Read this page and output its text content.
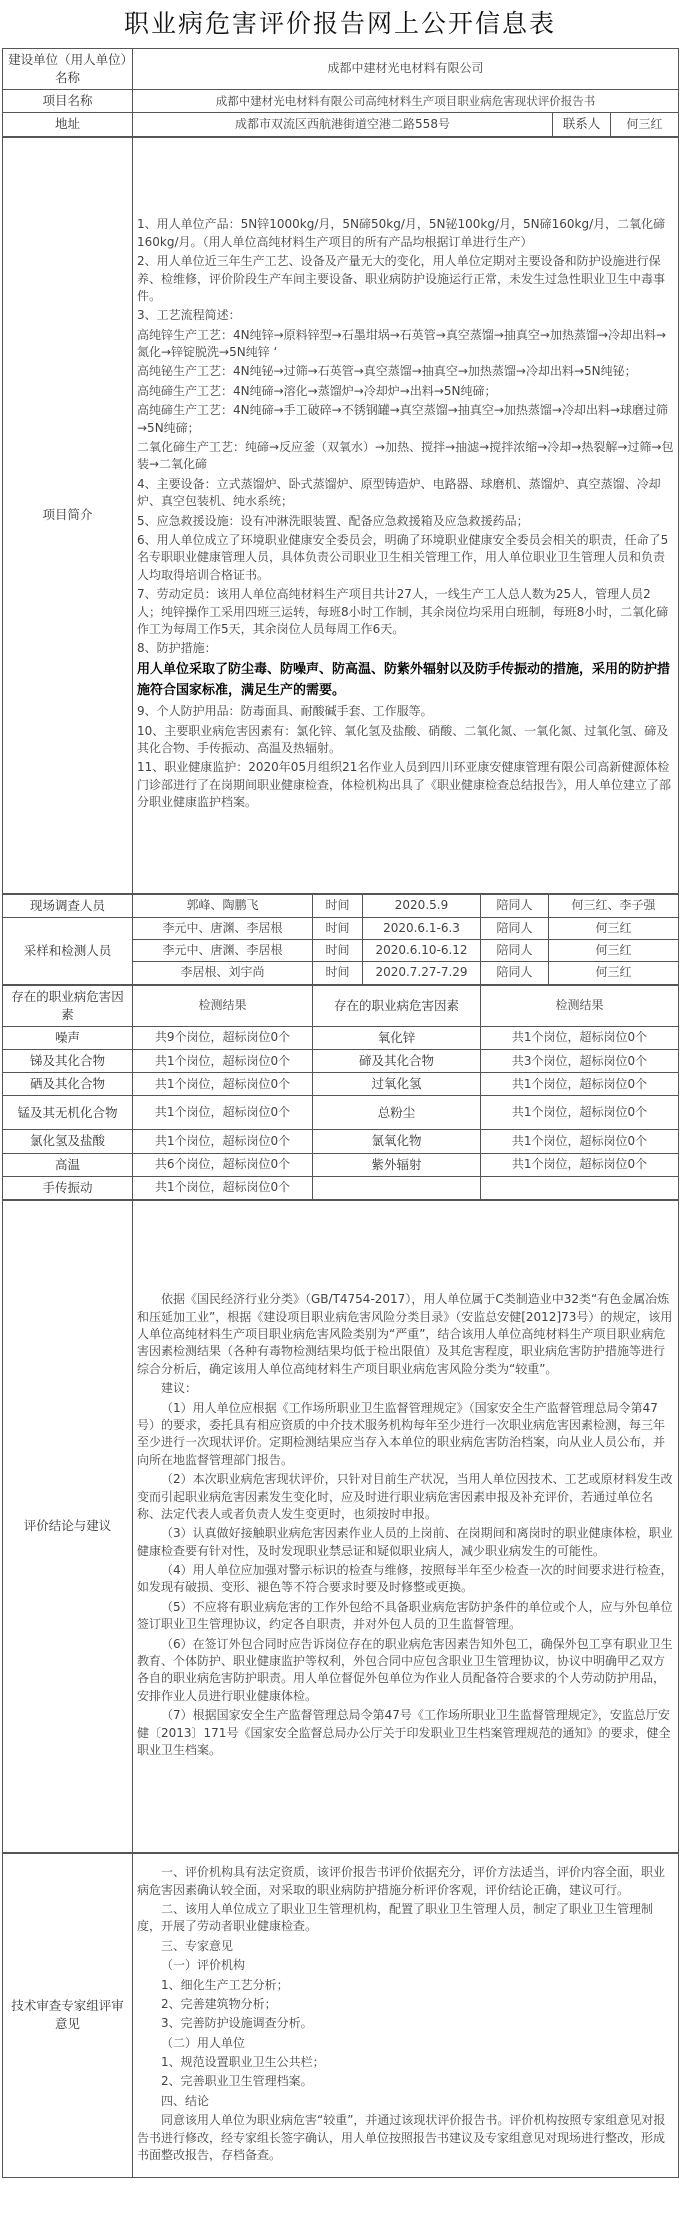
职业病危害评价报告网上公开信息表
建设单位（用人单位）名称	成都中建材光电材料有限公司		
项目名称	成都中建材光电材料有限公司高纯材料生产项目职业病危害现状评价报告书		
地址	成都市双流区西航港街道空港二路558号	联系人	何三红
项目简介	

1、用人单位产品：5N锌1000kg/月，5N碲50kg/月，5N铋100kg/月，5N碲160kg/月，二氧化碲160kg/月。（用人单位高纯材料生产项目的所有产品均根据订单进行生产）

2、用人单位近三年生产工艺、设备及产量无大的变化，用人单位定期对主要设备和防护设施进行保养、检维修，评价阶段生产车间主要设备、职业病防护设施运行正常，未发生过急性职业卫生中毒事件。

3、工艺流程简述：

高纯锌生产工艺：4N纯锌→原料锌型→石墨坩埚→石英管→真空蒸馏→抽真空→加热蒸馏→冷却出料→氮化→锌锭脱洗→5N纯锌 ‘

高纯铋生产工艺：4N纯铋→过筛→石英管→真空蒸馏→抽真空→加热蒸馏→冷却出料→5N纯铋；

高纯碲生产工艺：4N纯碲→溶化→蒸馏炉→冷却炉→出料→5N纯碲；

高纯碲生产工艺：4N纯碲→手工破碎→不锈钢罐→真空蒸馏→抽真空→加热蒸馏→冷却出料→球磨过筛→5N纯碲；

二氧化碲生产工艺：纯碲→反应釜（双氧水）→加热、搅拌→抽滤→搅拌浓缩→冷却→热裂解→过筛→包装→二氧化碲

4、主要设备：立式蒸馏炉、卧式蒸馏炉、原型铸造炉、电路器、球磨机、蒸馏炉、真空蒸馏、冷却炉、真空包装机、纯水系统；

5、应急救援设施：设有冲淋洗眼装置、配备应急救援箱及应急救援药品；

6、用人单位成立了环境职业健康安全委员会，明确了环境职业健康安全委员会相关的职责，任命了5名专职职业健康管理人员，具体负责公司职业卫生相关管理工作，用人单位职业卫生管理人员和负责人均取得培训合格证书。

7、劳动定员：该用人单位高纯材料生产项目共计27人，一线生产工人总人数为25人，管理人员2人；纯锌操作工采用四班三运转，每班8小时工作制，其余岗位均采用白班制，每班8小时，二氧化碲作工为每周工作5天，其余岗位人员每周工作6天。

8、防护措施：

用人单位采取了防尘毒、防噪声、防高温、防紫外辐射以及防手传振动的措施，采用的防护措施符合国家标准，满足生产的需要。

9、个人防护用品：防毒面具、耐酸碱手套、工作服等。

10、主要职业病危害因素有：氯化锌、氧化氢及盐酸、硝酸、二氧化氮、一氧化氮、过氧化氢、碲及其化合物、手传振动、高温及热辐射。

11、职业健康监护：2020年05月组织21名作业人员到四川环亚康安健康管理有限公司高新健源体检门诊部进行了在岗期间职业健康检查，体检机构出具了《职业健康检查总结报告》，用人单位建立了部分职业健康监护档案。

现场调查人员	郭峰、陶鹏飞	时间	2020.5.9	陪同人	何三红、李子强
采样和检测人员	李元中、唐渊、李居根	时间	2020.6.1-6.3	陪同人	何三红
	李元中、唐渊、李居根	时间	2020.6.10-6.12	陪同人	何三红
	李居根、刘宇尚	时间	2020.7.27-7.29	陪同人	何三红
存在的职业病危害因素	检测结果	存在的职业病危害因素	检测结果
噪声	共9个岗位，超标岗位0个	氧化锌	共1个岗位，超标岗位0个
锑及其化合物	共1个岗位，超标岗位0个	碲及其化合物	共3个岗位，超标岗位0个
硒及其化合物	共1个岗位，超标岗位0个	过氧化氢	共1个岗位，超标岗位0个
锰及其无机化合物	共1个岗位，超标岗位0个	总粉尘	共1个岗位，超标岗位0个
氯化氢及盐酸	共1个岗位，超标岗位0个	氯氧化物	共1个岗位，超标岗位0个
高温	共6个岗位，超标岗位0个	紫外辐射	共1个岗位，超标岗位0个
手传振动	共1个岗位，超标岗位0个		
评价结论与建议	

依据《国民经济行业分类》（GB/T4754-2017），用人单位属于C类制造业中32类“有色金属冶炼和压延加工业”，根据《建设项目职业病危害风险分类目录》（安监总安健[2012]73号）的规定，该用人单位高纯材料生产项目职业病危害风险类别为“严重”，结合该用人单位高纯材料生产项目职业病危害因素检测结果（各种有毒物检测结果均低于检出限值）及其危害程度，职业病危害防护措施等进行综合分析后，确定该用人单位高纯材料生产项目职业病危害风险分类为“较重”。

建议：

（1）用人单位应根据《工作场所职业卫生监督管理规定》（国家安全生产监督管理总局令第47号）的要求，委托具有相应资质的中介技术服务机构每年至少进行一次职业病危害因素检测，每三年至少进行一次现状评价。定期检测结果应当存入本单位的职业病危害防治档案，向从业人员公布，并向所在地监督管理部门报告。

（2）本次职业病危害现状评价，只针对目前生产状况，当用人单位因技术、工艺或原材料发生改变而引起职业病危害因素发生变化时，应及时进行职业病危害因素申报及补充评价，若通过单位名称、法定代表人或者负责人发生变更时，也须按时申报。

（3）认真做好接触职业病危害因素作业人员的上岗前、在岗期间和离岗时的职业健康体检，职业健康检查要有针对性，及时发现职业禁忌证和疑似职业病人，减少职业病发生的可能性。

（4）用人单位应加强对警示标识的检查与维修，按照每半年至少检查一次的时间要求进行检查，如发现有破损、变形、褪色等不符合要求时要及时修整或更换。

（5）不应将有职业病危害的工作外包给不具备职业病危害防护条件的单位或个人，应与外包单位签订职业卫生管理协议，约定各自职责，并对外包人员的卫生监督管理。

（6）在签订外包合同时应告诉岗位存在的职业病危害因素告知外包工，确保外包工享有职业卫生教育、个体防护、职业健康监护等权利，外包合同中应包含职业卫生管理协议，协议中明确甲乙双方各自的职业病危害防护职责。用人单位督促外包单位为作业人员配备符合要求的个人劳动防护用品，安排作业人员进行职业健康体检。

（7）根据国家安全生产监督管理总局令第47号《工作场所职业卫生监督管理规定》，安监总厅安健〔2013〕171号《国家安全监督总局办公厅关于印发职业卫生档案管理规范的通知》的要求，健全职业卫生档案。

技术审查专家组评审意见	

一、评价机构具有法定资质，该评价报告书评价依据充分，评价方法适当，评价内容全面，职业病危害因素确认较全面，对采取的职业病防护措施分析评价客观，评价结论正确，建议可行。

二、该用人单位成立了职业卫生管理机构，配置了职业卫生管理人员，制定了职业卫生管理制度，开展了劳动者职业健康检查。

三、专家意见

（一）评价机构

1、细化生产工艺分析；

2、完善建筑物分析；

3、完善防护设施调查分析。

（二）用人单位

1、规范设置职业卫生公共栏；

2、完善职业卫生管理档案。

四、结论

同意该用人单位为职业病危害“较重”，并通过该现状评价报告书。评价机构按照专家组意见对报告书进行修改，经专家组长签字确认，用人单位按照报告书建议及专家组意见对现场进行整改，形成书面整改报告，存档备查。
